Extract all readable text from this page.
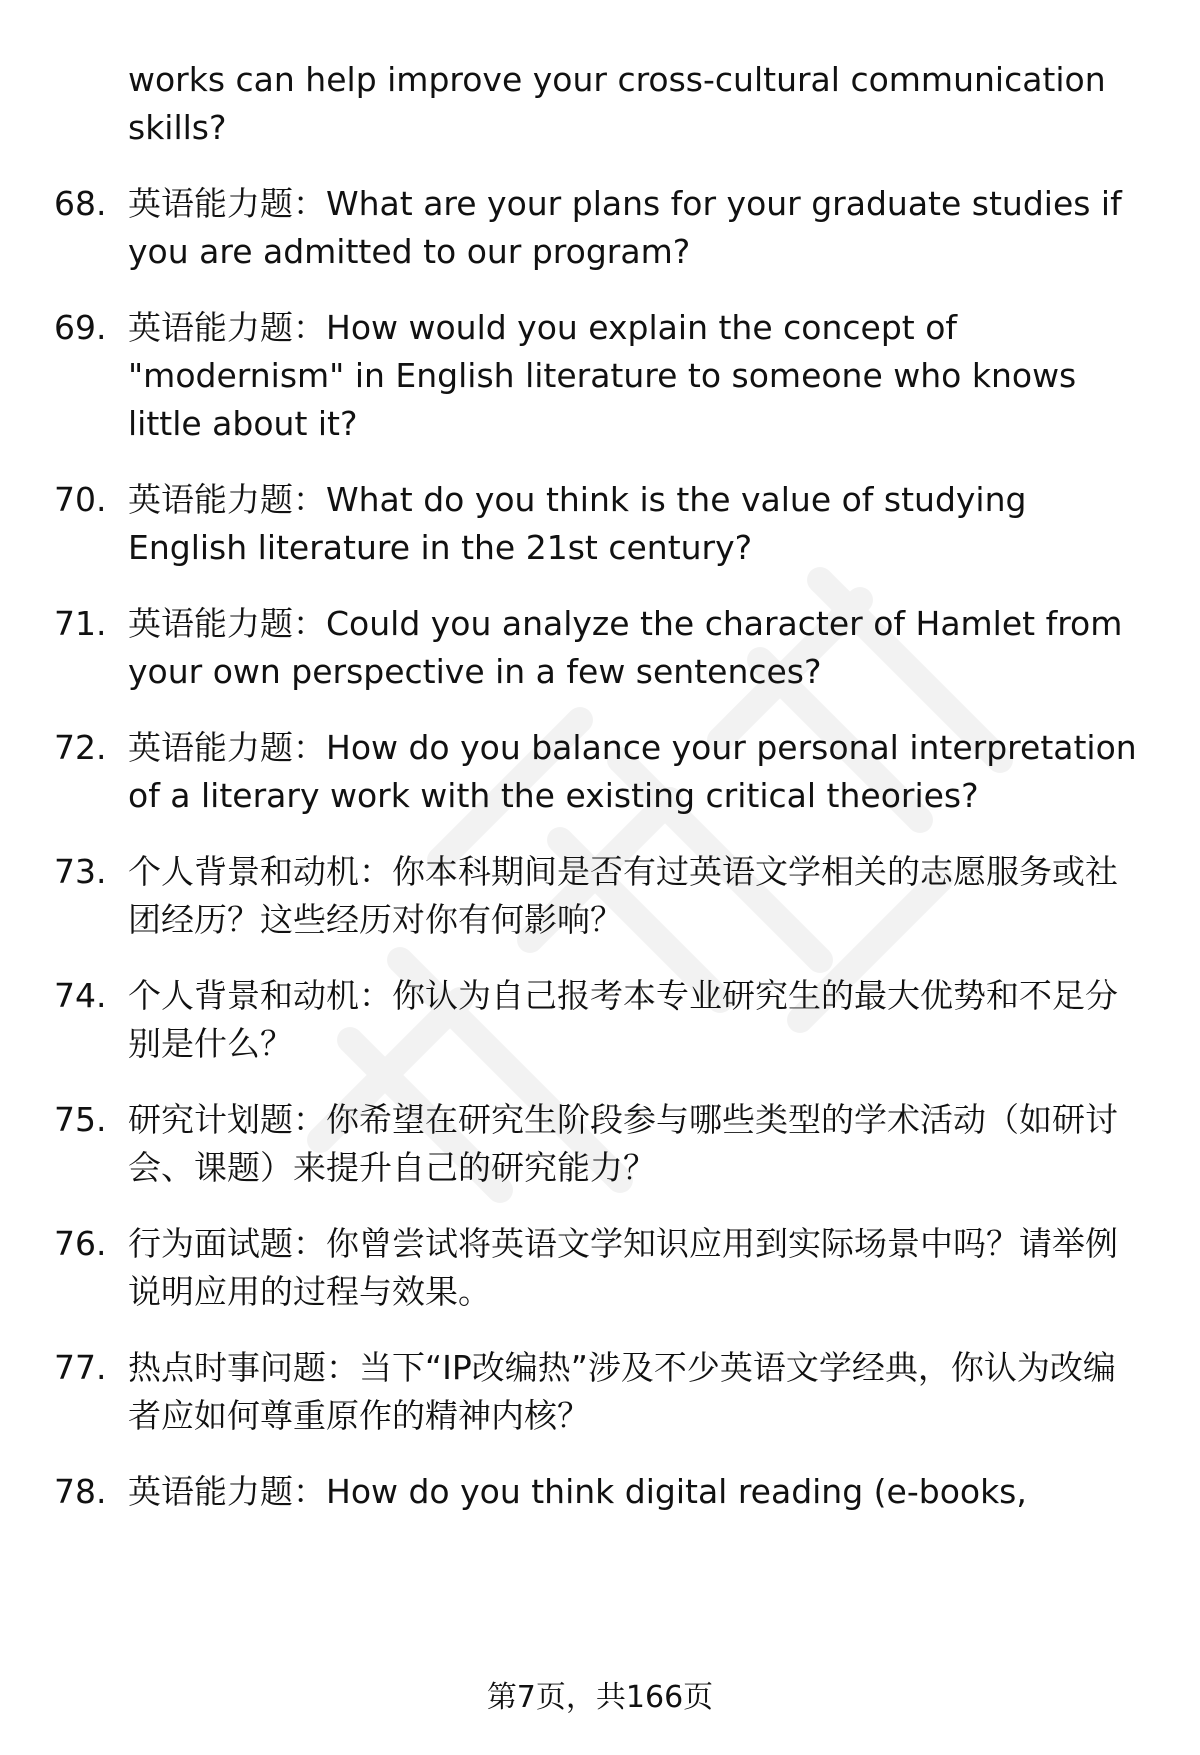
works can help improve your cross-cultural communication skills?
68. 英语能力题：What are your plans for your graduate studies if you are admitted to our program?
69. 英语能力题：How would you explain the concept of "modernism" in English literature to someone who knows little about it?
70. 英语能力题：What do you think is the value of studying English literature in the 21st century?
71. 英语能力题：Could you analyze the character of Hamlet from your own perspective in a few sentences?
72. 英语能力题：How do you balance your personal interpretation of a literary work with the existing critical theories?
73. 个人背景和动机：你本科期间是否有过英语文学相关的志愿服务或社团经历？这些经历对你有何影响？
74. 个人背景和动机：你认为自己报考本专业研究生的最大优势和不足分别是什么？
75. 研究计划题：你希望在研究生阶段参与哪些类型的学术活动（如研讨会、课题）来提升自己的研究能力？
76. 行为面试题：你曾尝试将英语文学知识应用到实际场景中吗？请举例说明应用的过程与效果。
77. 热点时事问题：当下“IP改编热”涉及不少英语文学经典，你认为改编者应如何尊重原作的精神内核？
78. 英语能力题：How do you think digital reading (e-books,
第7页，共166页
